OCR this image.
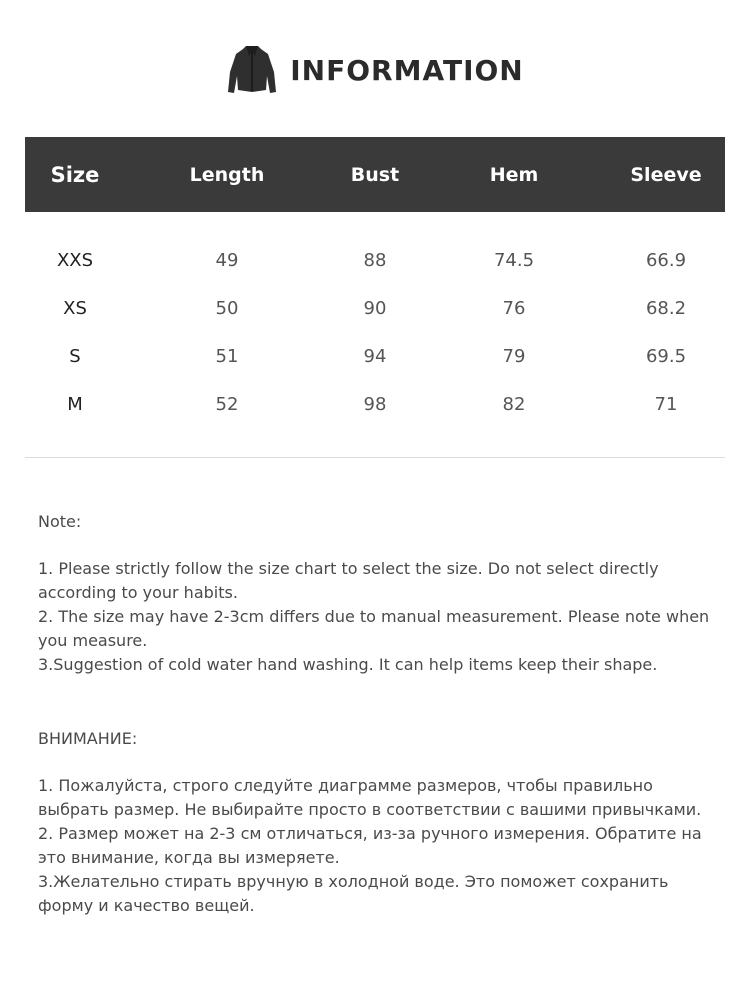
INFORMATION
Size	Length	Bust	Hem	Sleeve
XXS	49	88	74.5	66.9
XS	50	90	76	68.2
S	51	94	79	69.5
M	52	98	82	71
Note:

1. Please strictly follow the size chart to select the size. Do not select directly according to your habits.

2. The size may have 2-3cm differs due to manual measurement. Please note when you measure.

3.Suggestion of cold water hand washing. It can help items keep their shape.

ВНИМАНИЕ:

1. Пожалуйста, строго следуйте диаграмме размеров, чтобы правильно выбрать размер. Не выбирайте просто в соответствии с вашими привычками.

2. Размер может на 2-3 см отличаться, из-за ручного измерения. Обратите на это внимание, когда вы измеряете.

3.Желательно стирать вручную в холодной воде. Это поможет сохранить форму и качество вещей.
